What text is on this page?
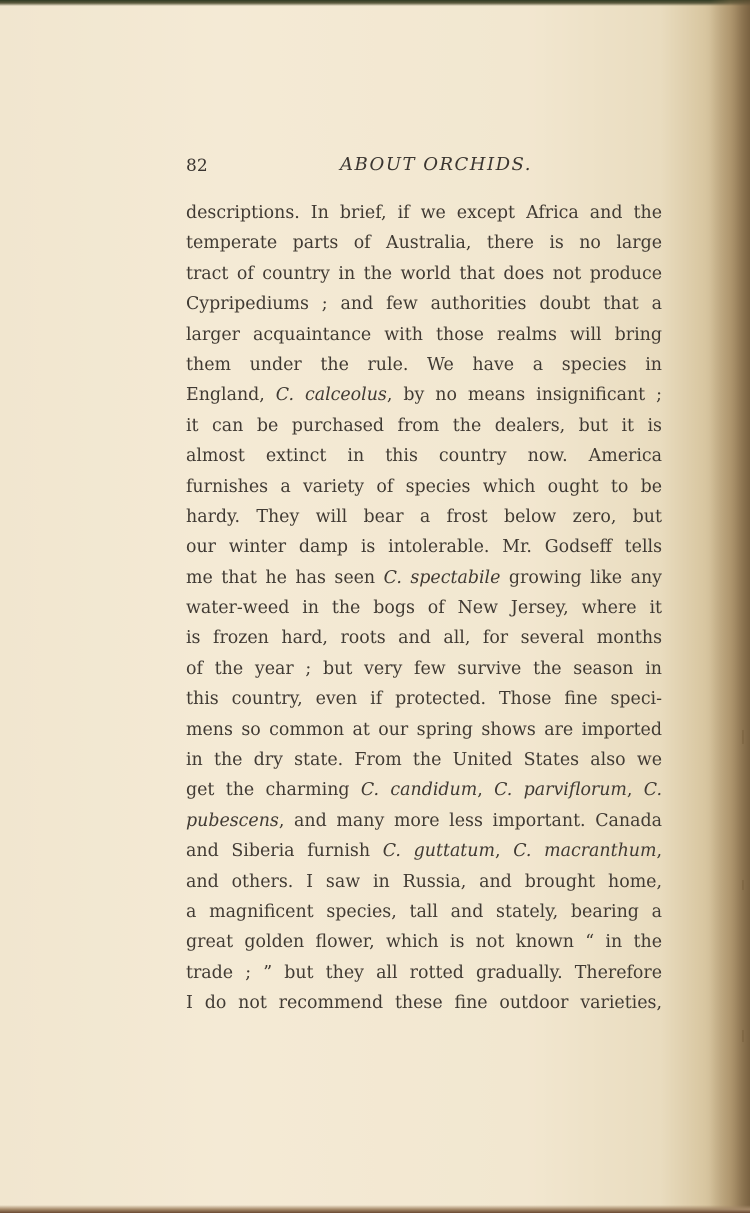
82	ABOUT ORCHIDS.
descriptions. In brief, if we except Africa and the
temperate parts of Australia, there is no large
tract of country in the world that does not produce
Cypripediums ; and few authorities doubt that a
larger acquaintance with those realms will bring
them under the rule. We have a species in
England, C. calceolus, by no means insignificant ;
it can be purchased from the dealers, but it is
almost extinct in this country now. America
furnishes a variety of species which ought to be
hardy. They will bear a frost below zero, but
our winter damp is intolerable. Mr. Godseff tells
me that he has seen C. spectabile growing like any
water-weed in the bogs of New Jersey, where it
is frozen hard, roots and all, for several months
of the year ; but very few survive the season in
this country, even if protected. Those fine speci-
mens so common at our spring shows are imported
in the dry state. From the United States also we
get the charming C. candidum, C. parviflorum, C.
pubescens, and many more less important. Canada
and Siberia furnish C. guttatum, C. macranthum,
and others. I saw in Russia, and brought home,
a magnificent species, tall and stately, bearing a
great golden flower, which is not known “ in the
trade ; ” but they all rotted gradually. Therefore
I do not recommend these fine outdoor varieties,
